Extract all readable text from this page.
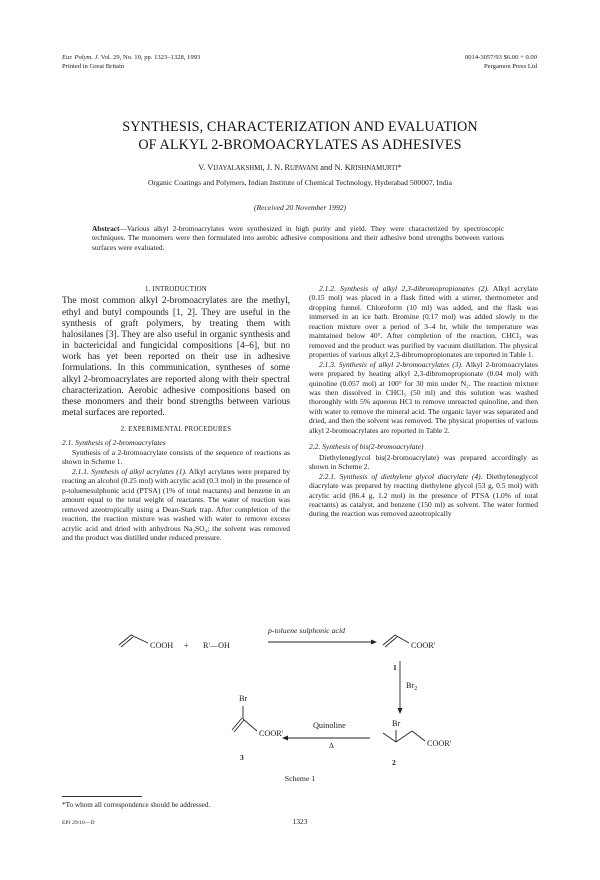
Eur. Polym. J. Vol. 29, No. 10, pp. 1323–1328, 1993
Printed in Great Britain
0014-3057/93 $6.00 + 0.00
Pergamon Press Ltd
SYNTHESIS, CHARACTERIZATION AND EVALUATION
OF ALKYL 2-BROMOACRYLATES AS ADHESIVES
V. VIJAYALAKSHMI, J. N. RUPAVANI and N. KRISHNAMURTI*
Organic Coatings and Polymers, Indian Institute of Chemical Technology, Hyderabad 500007, India
(Received 20 November 1992)
Abstract—Various alkyl 2-bromoacrylates were synthesized in high purity and yield. They were characterized by spectroscopic techniques. The monomers were then formulated into aerobic adhesive compositions and their adhesive bond strengths between various surfaces were evaluated.
1. INTRODUCTION

The most common alkyl 2-bromoacrylates are the methyl, ethyl and butyl compounds [1, 2]. They are useful in the synthesis of graft polymers, by treating them with halosilanes [3]. They are also useful in organic synthesis and in bactericidal and fungicidal compositions [4–6], but no work has yet been reported on their use in adhesive formulations. In this communication, syntheses of some alkyl 2-bromoacrylates are reported along with their spectral characterization. Aerobic adhesive compositions based on these monomers and their bond strengths between various metal surfaces are reported.

2. EXPERIMENTAL PROCEDURES
2.1. Synthesis of 2-bromoacrylates

Synthesis of a 2-bromoacrylate consists of the sequence of reactions as shown in Scheme 1.

2.1.1. Synthesis of alkyl acrylates (1). Alkyl acrylates were prepared by reacting an alcohol (0.25 mol) with acrylic acid (0.3 mol) in the presence of p-toluenesulphonic acid (PTSA) (1% of total reactants) and benzene in an amount equal to the total weight of reactants. The water of reaction was removed azeotropically using a Dean-Stark trap. After completion of the reaction, the reaction mixture was washed with water to remove excess acrylic acid and dried with anhydrous Na₂SO₄; the solvent was removed and the product was distilled under reduced pressure.

2.1.2. Synthesis of alkyl 2,3-dibromopropionates (2). Alkyl acrylate (0.15 mol) was placed in a flask fitted with a stirrer, thermometer and dropping funnel. Chloroform (10 ml) was added, and the flask was immersed in an ice bath. Bromine (0.17 mol) was added slowly to the reaction mixture over a period of 3–4 hr, while the temperature was maintained below 40°. After completion of the reaction, CHCl₃ was removed and the product was purified by vacuum distillation. The physical properties of various alkyl 2,3-dibromopropionates are reported in Table 1.

2.1.3. Synthesis of alkyl 2-bromoacrylates (3). Alkyl 2-bromoacrylates were prepared by heating alkyl 2,3-dibromopropionate (0.04 mol) with quinoline (0.057 mol) at 100° for 30 min under N₂. The reaction mixture was then dissolved in CHCl₃ (50 ml) and this solution was washed thoroughly with 5% aqueous HCl to remove unreacted quinoline, and then with water to remove the mineral acid. The organic layer was separated and dried, and then the solvent was removed. The physical properties of various alkyl 2-bromoacrylates are reported in Table 2.

2.2. Synthesis of bis(2-bromoacrylate)

Diethyleneglycol bis(2-bromoacrylate) was prepared accordingly as shown in Scheme 2.

2.2.1. Synthesis of diethylene glycol diacrylate (4). Diethyleneglycol diacrylate was prepared by reacting diethylene glycol (53 g, 0.5 mol) with acrylic acid (86.4 g, 1.2 mol) in the presence of PTSA (1.0% of total reactants) as catalyst, and benzene (150 ml) as solvent. The water formed during the reaction was removed azeotropically

COOH + R'—OH
p-toluene sulphonic acid
COOR'
1
$Br_2$
Br
COOR'
2
Quinoline
Δ
Br
COOR'
3
Scheme 1
*To whom all correspondence should be addressed.
1323
EPJ 29/10—D
